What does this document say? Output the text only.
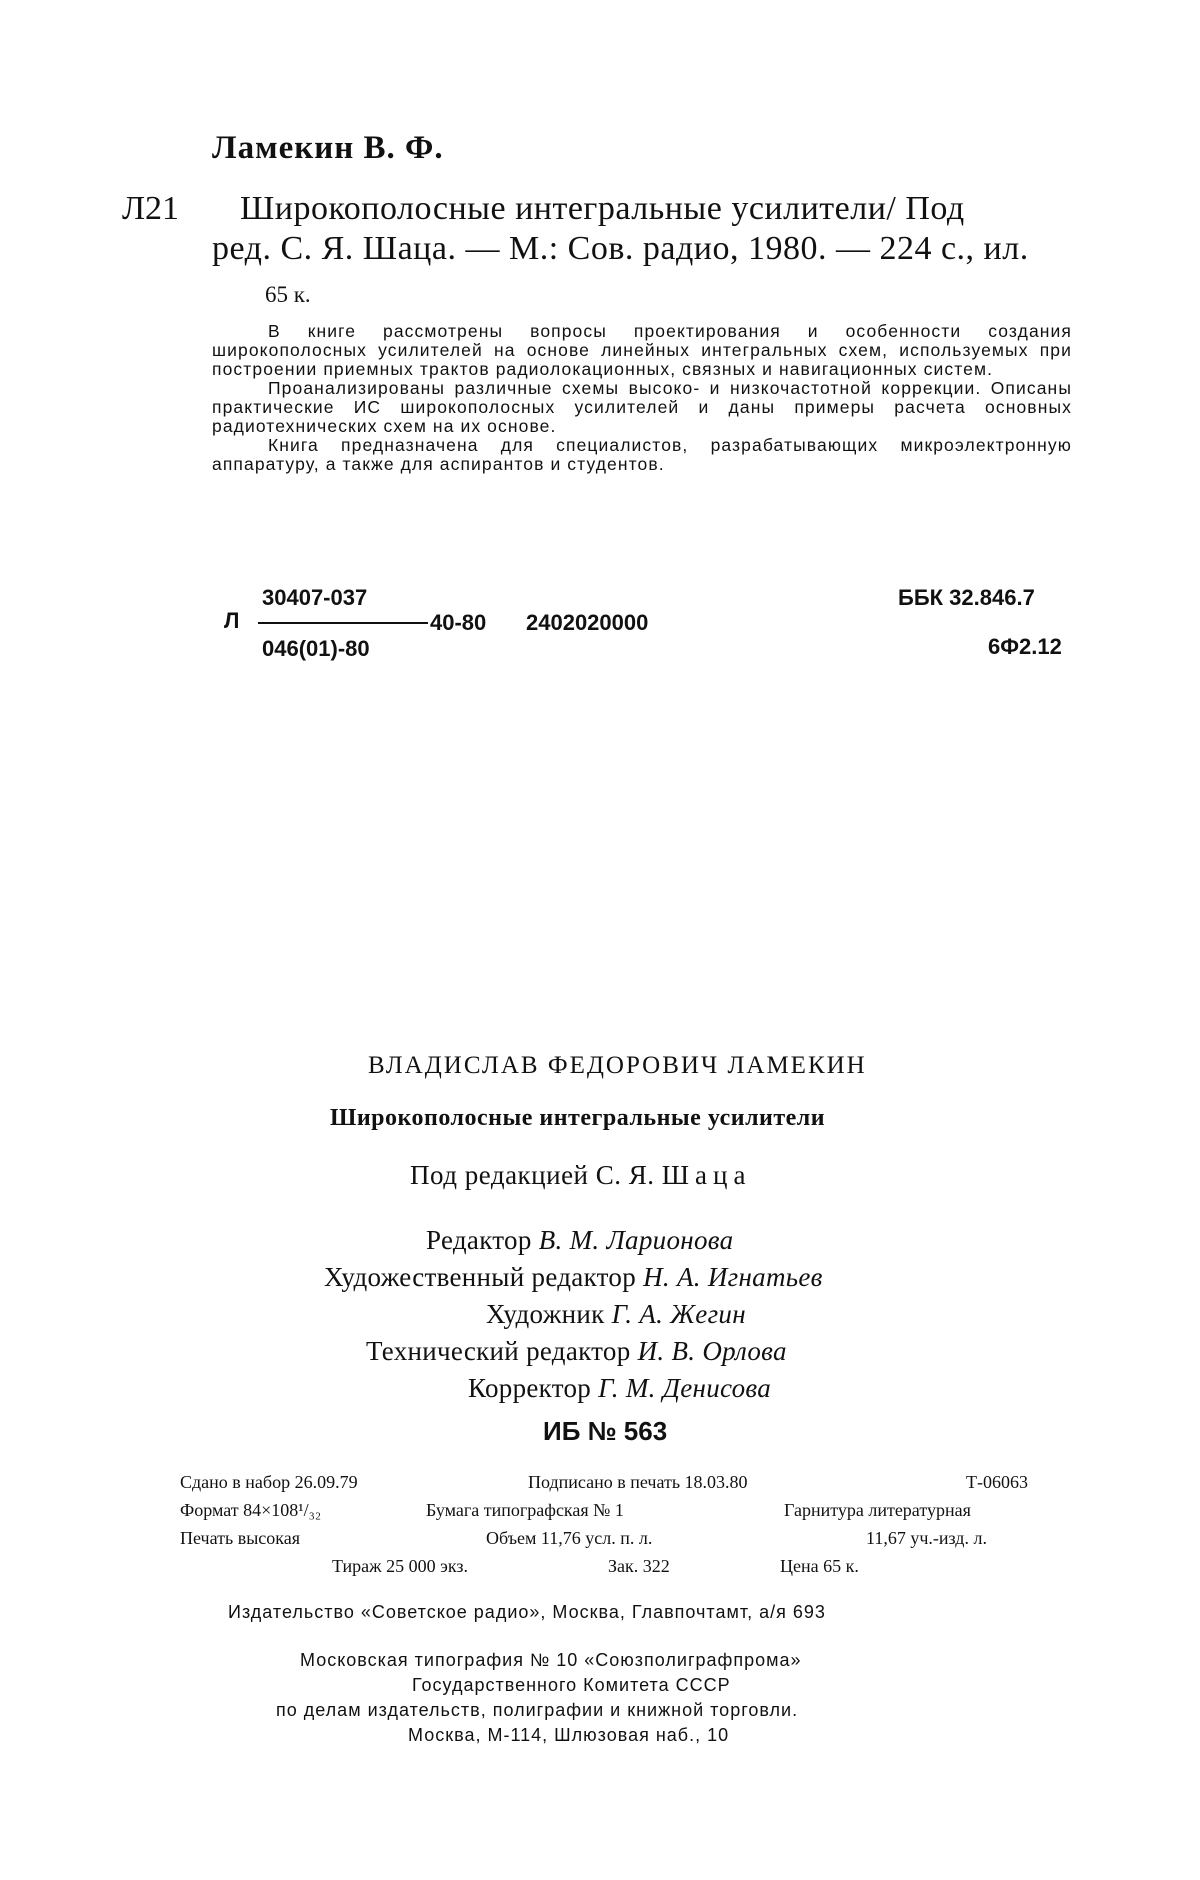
Ламекин В. Ф.
Л21 Широкополосные интегральные усилители/ Под
ред. С. Я. Шаца. — М.: Сов. радио, 1980. — 224 с., ил.
65 к.

В книге рассмотрены вопросы проектирования и особенности создания широкополосных усилителей на основе линейных интегральных схем, используемых при построении приемных трактов радиолокационных, связных и навигационных систем.

Проанализированы различные схемы высоко- и низкочастотной коррекции. Описаны практические ИС широкополосных усилителей и даны примеры расчета основных радиотехнических схем на их основе.

Книга предназначена для специалистов, разрабатывающих микроэлектронную аппаратуру, а также для аспирантов и студентов.

Л
30407-037
046(01)-80
40-80 2402020000
ББК 32.846.7
6Ф2.12
ВЛАДИСЛАВ ФЕДОРОВИЧ ЛАМЕКИН
Широкополосные интегральные усилители
Под редакцией С. Я. Шаца
Редактор В. М. Ларионова
Художественный редактор Н. А. Игнатьев
Художник Г. А. Жегин
Технический редактор И. В. Орлова
Корректор Г. М. Денисова
ИБ № 563
Сдано в набор 26.09.79	Подписано в печать 18.03.80	Т-06063
Формат 84×108¹/₃₂	Бумага типографская № 1	Гарнитура литературная
Печать высокая	Объем 11,76 усл. п. л.	11,67 уч.-изд. л.
Тираж 25 000 экз.	Зак. 322	Цена 65 к.
Издательство «Советское радио», Москва, Главпочтамт, а/я 693
Московская типография № 10 «Союзполиграфпрома»
Государственного Комитета СССР
по делам издательств, полиграфии и книжной торговли.
Москва, М-114, Шлюзовая наб., 10
